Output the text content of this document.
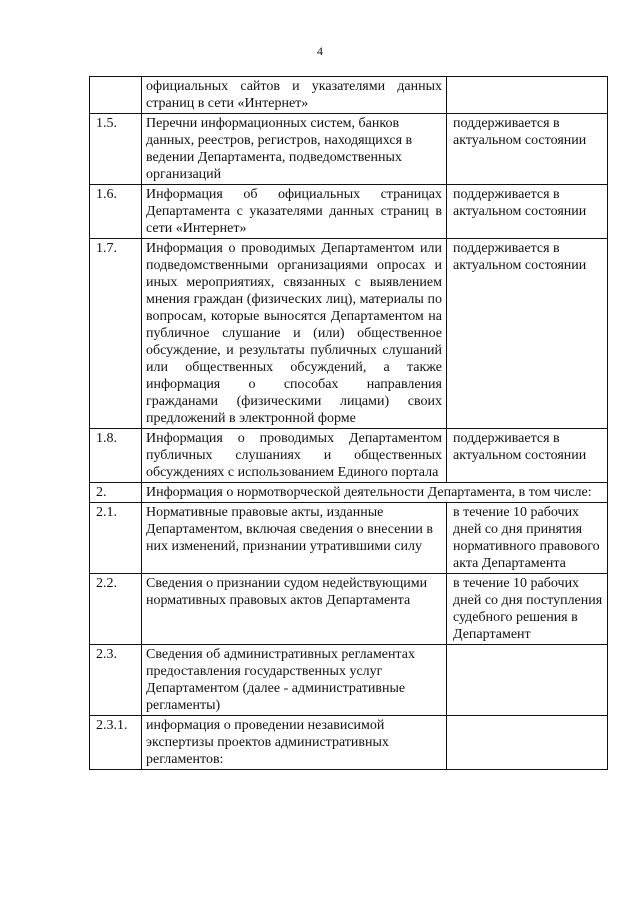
4
	официальных сайтов и указателями данных страниц в сети «Интернет»	
1.5.	Перечни информационных систем, банков данных, реестров, регистров, находящихся в ведении Департамента, подведомственных организаций	поддерживается в актуальном состоянии
1.6.	Информация об официальных страницах Департамента с указателями данных страниц в сети «Интернет»	поддерживается в актуальном состоянии
1.7.	Информация о проводимых Департаментом или подведомственными организациями опросах и иных мероприятиях, связанных с выявлением мнения граждан (физических лиц), материалы по вопросам, которые выносятся Департаментом на публичное слушание и (или) общественное обсуждение, и результаты публичных слушаний или общественных обсуждений, а также информация о способах направления гражданами (физическими лицами) своих предложений в электронной форме	поддерживается в актуальном состоянии
1.8.	Информация о проводимых Департаментом публичных слушаниях и общественных обсуждениях с использованием Единого портала	поддерживается в актуальном состоянии
2.	Информация о нормотворческой деятельности Департамента, в том числе:	
2.1.	Нормативные правовые акты, изданные Департаментом, включая сведения о внесении в них изменений, признании утратившими силу	в течение 10 рабочих дней со дня принятия нормативного правового акта Департамента
2.2.	Сведения о признании судом недействующими нормативных правовых актов Департамента	в течение 10 рабочих дней со дня поступления судебного решения в Департамент
2.3.	Сведения об административных регламентах предоставления государственных услуг Департаментом (далее - административные регламенты)	
2.3.1.	информация о проведении независимой экспертизы проектов административных регламентов:	
